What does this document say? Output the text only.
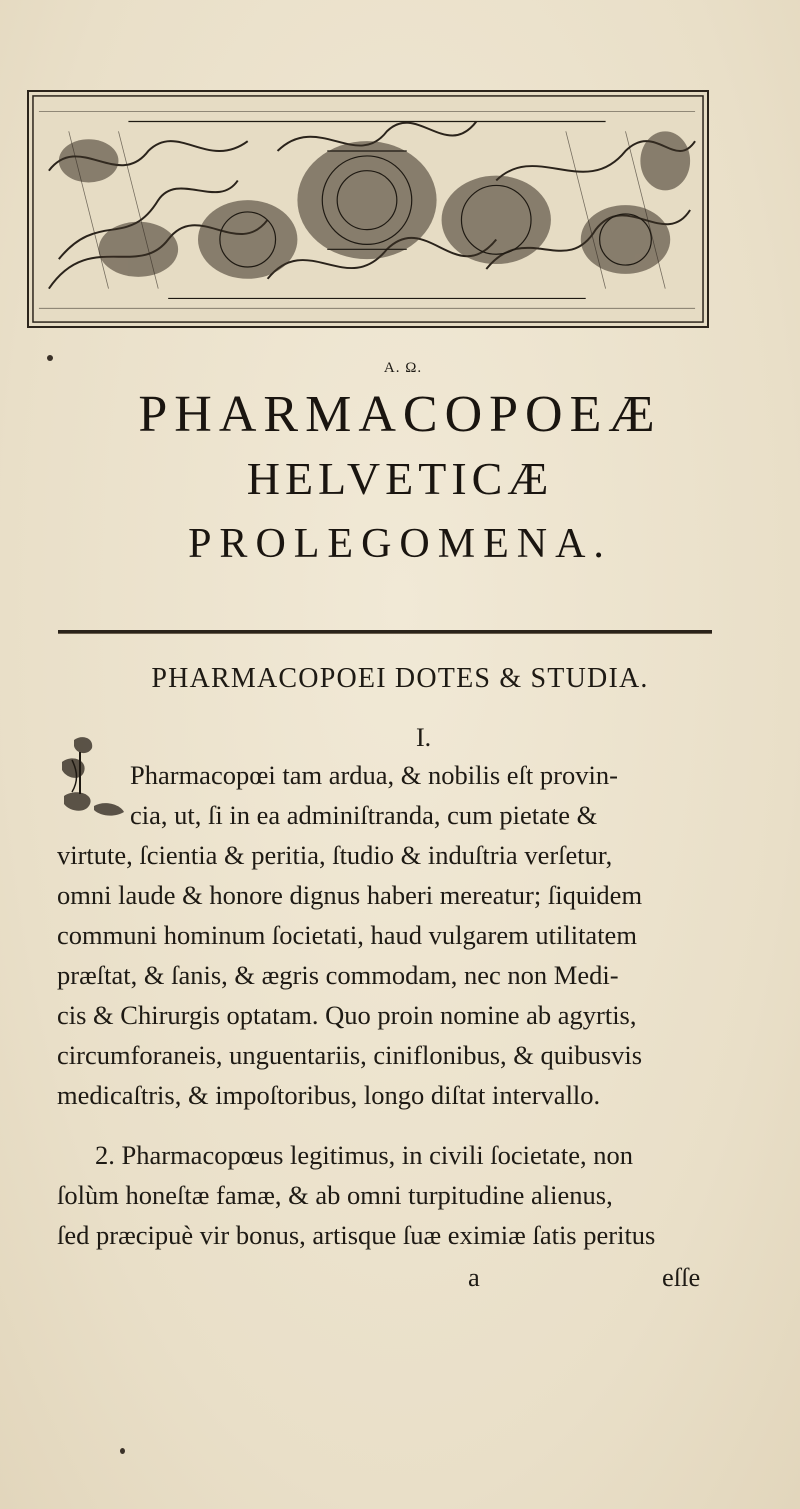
A. Ω.
PHARMACOPOEÆ
HELVETICÆ
PROLEGOMENA.
PHARMACOPOEI DOTES & STUDIA.
I.
Pharmacopœi tam ardua, & nobilis eſt provin-
cia, ut, ſi in ea adminiſtranda, cum pietate &
virtute, ſcientia & peritia, ſtudio & induſtria verſetur,
omni laude & honore dignus haberi mereatur; ſiquidem
communi hominum ſocietati, haud vulgarem utilitatem
præſtat, & ſanis, & ægris commodam, nec non Medi-
cis & Chirurgis optatam. Quo proin nomine ab agyrtis,
circumforaneis, unguentariis, ciniflonibus, & quibusvis
medicaſtris, & impoſtoribus, longo diſtat intervallo.
2. Pharmacopœus legitimus, in civili ſocietate, non
ſolùm honeſtæ famæ, & ab omni turpitudine alienus,
ſed præcipuè vir bonus, artisque ſuæ eximiæ ſatis peritus
a	eſſe
